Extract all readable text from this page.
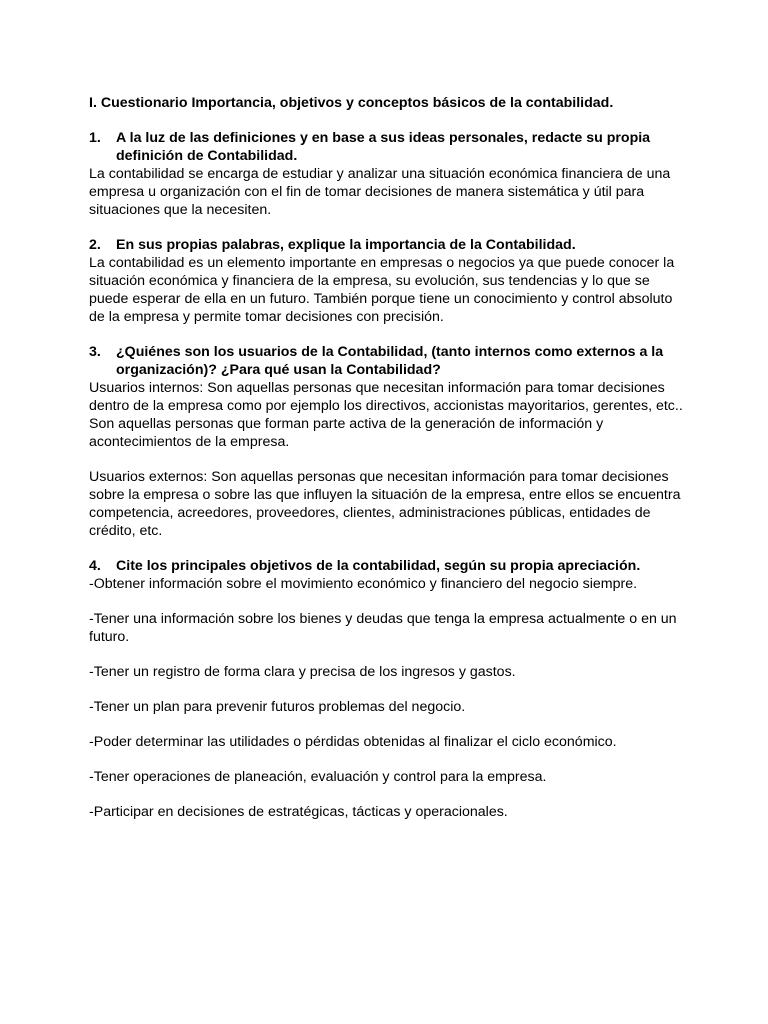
I. Cuestionario Importancia, objetivos y conceptos básicos de la contabilidad.

1. A la luz de las definiciones y en base a sus ideas personales, redacte su propia definición de Contabilidad.

La contabilidad se encarga de estudiar y analizar una situación económica financiera de una empresa u organización con el fin de tomar decisiones de manera sistemática y útil para situaciones que la necesiten.

2. En sus propias palabras, explique la importancia de la Contabilidad.

La contabilidad es un elemento importante en empresas o negocios ya que puede conocer la situación económica y financiera de la empresa, su evolución, sus tendencias y lo que se puede esperar de ella en un futuro. También porque tiene un conocimiento y control absoluto de la empresa y permite tomar decisiones con precisión.

3. ¿Quiénes son los usuarios de la Contabilidad, (tanto internos como externos a la organización)? ¿Para qué usan la Contabilidad?

Usuarios internos: Son aquellas personas que necesitan información para tomar decisiones dentro de la empresa como por ejemplo los directivos, accionistas mayoritarios, gerentes, etc.. Son aquellas personas que forman parte activa de la generación de información y acontecimientos de la empresa.

Usuarios externos: Son aquellas personas que necesitan información para tomar decisiones sobre la empresa o sobre las que influyen la situación de la empresa, entre ellos se encuentra competencia, acreedores, proveedores, clientes, administraciones públicas, entidades de crédito, etc.

4. Cite los principales objetivos de la contabilidad, según su propia apreciación.

-Obtener información sobre el movimiento económico y financiero del negocio siempre.

-Tener una información sobre los bienes y deudas que tenga la empresa actualmente o en un futuro.

-Tener un registro de forma clara y precisa de los ingresos y gastos.

-Tener un plan para prevenir futuros problemas del negocio.

-Poder determinar las utilidades o pérdidas obtenidas al finalizar el ciclo económico.

-Tener operaciones de planeación, evaluación y control para la empresa.

-Participar en decisiones de estratégicas, tácticas y operacionales.
